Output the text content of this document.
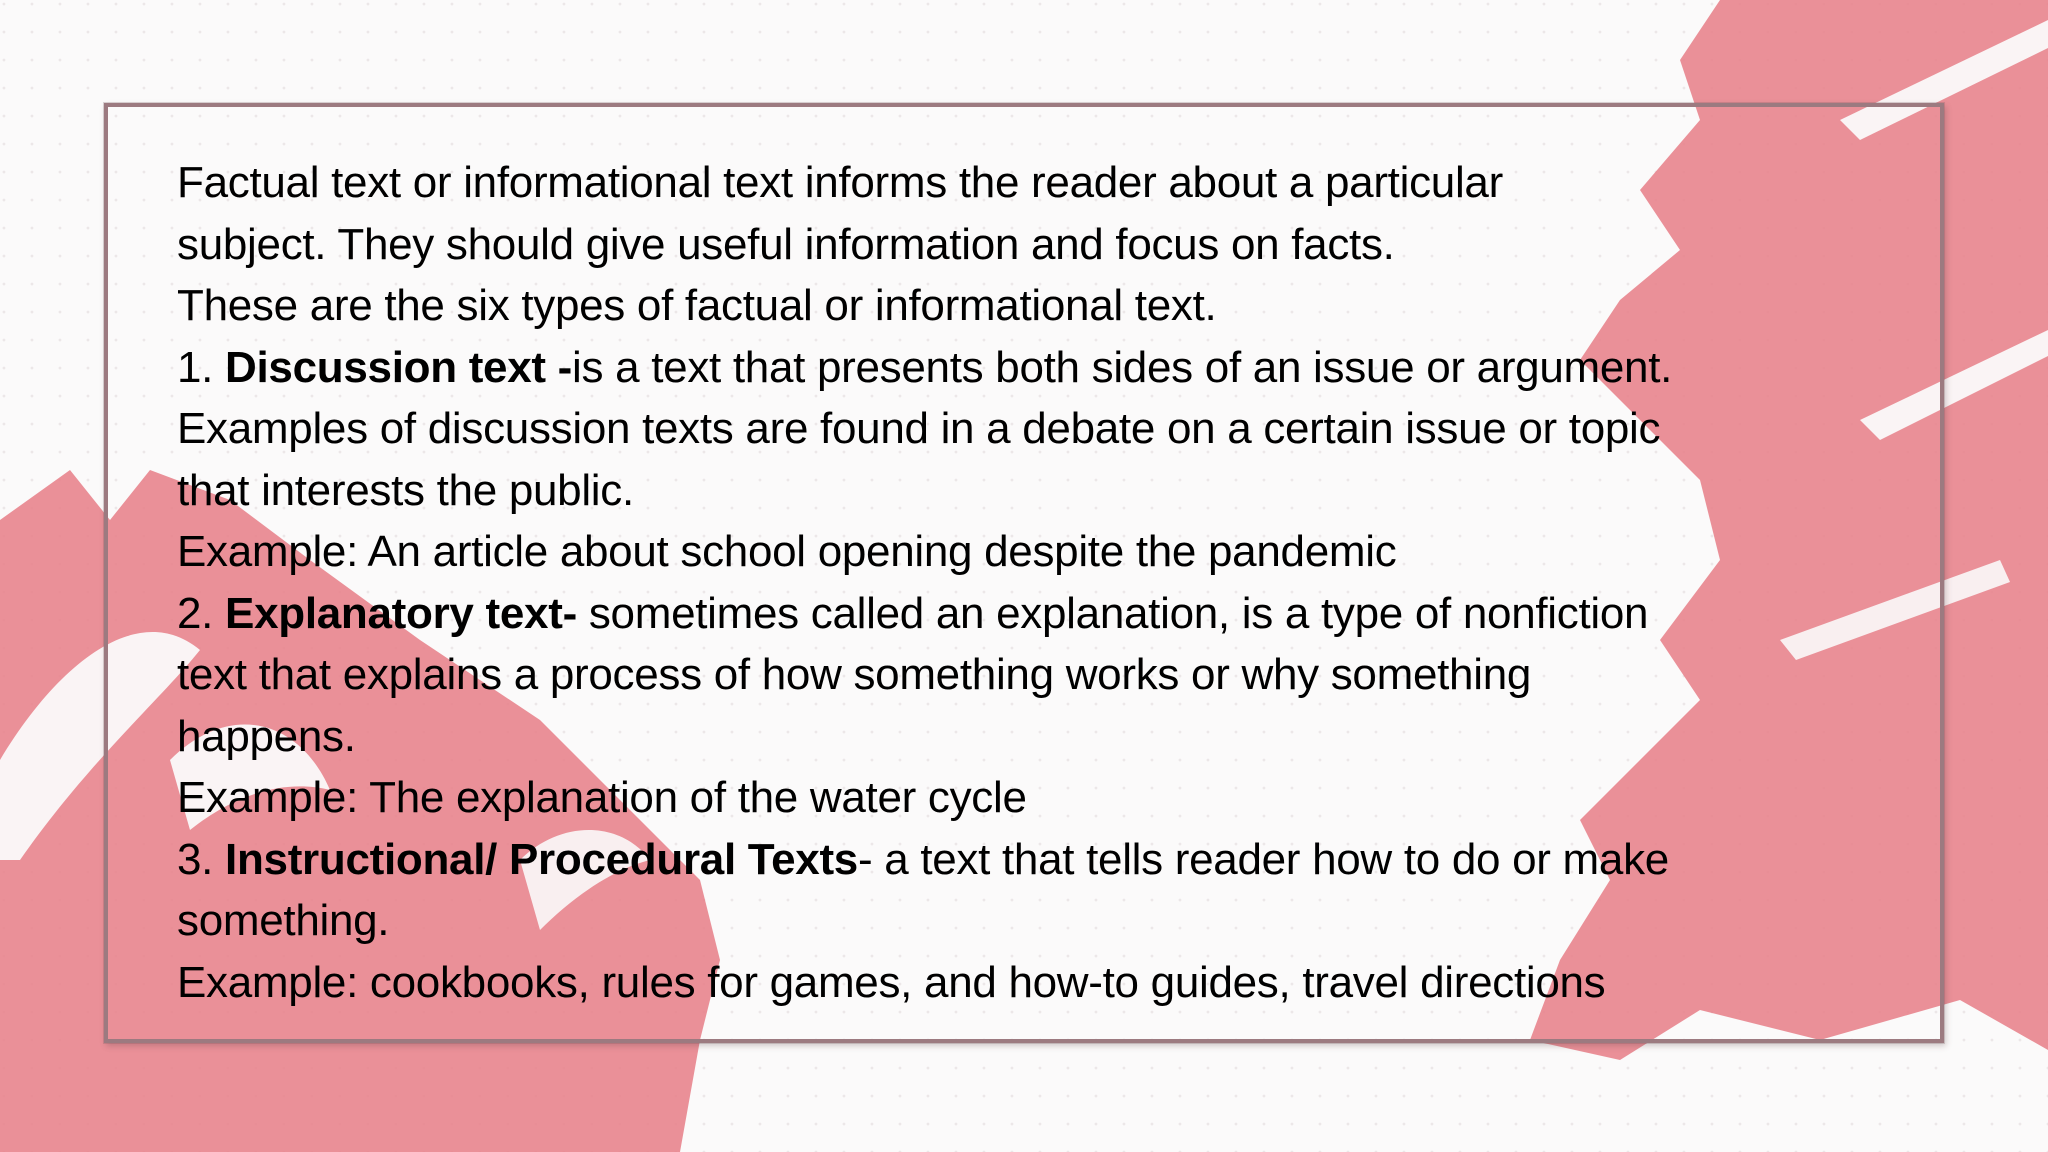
Factual text or informational text informs the reader about a particular
subject. They should give useful information and focus on facts.
These are the six types of factual or informational text.
1. Discussion text -is a text that presents both sides of an issue or argument.
Examples of discussion texts are found in a debate on a certain issue or topic
that interests the public.
Example: An article about school opening despite the pandemic
2. Explanatory text- sometimes called an explanation, is a type of nonfiction
text that explains a process of how something works or why something
happens.
Example: The explanation of the water cycle
3. Instructional/ Procedural Texts- a text that tells reader how to do or make
something.
Example: cookbooks, rules for games, and how-to guides, travel directions
